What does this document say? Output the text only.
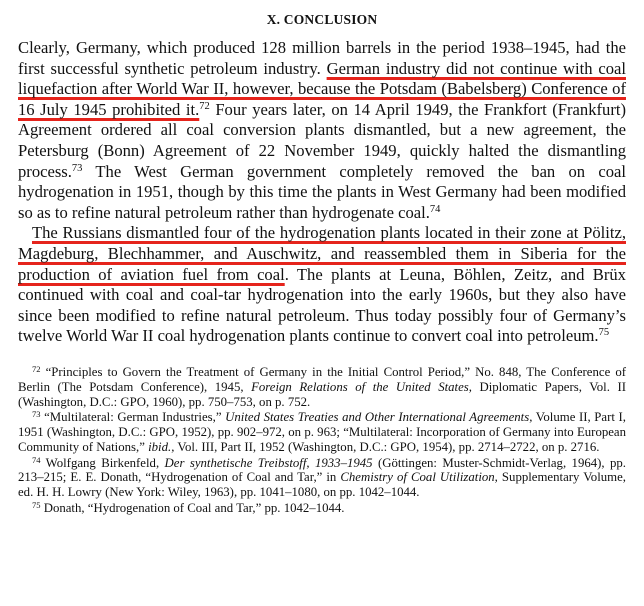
X. CONCLUSION

Clearly, Germany, which produced 128 million barrels in the period 1938–1945, had the first successful synthetic petroleum industry. German industry did not continue with coal liquefaction after World War II, however, because the Potsdam (Babelsberg) Conference of 16 July 1945 prohibited it.$^{72}$ Four years later, on 14 April 1949, the Frankfort (Frankfurt) Agreement ordered all coal conversion plants dismantled, but a new agreement, the Petersburg (Bonn) Agreement of 22 November 1949, quickly halted the dismantling process.$^{73}$ The West German government completely removed the ban on coal hydrogenation in 1951, though by this time the plants in West Germany had been modified so as to refine natural petroleum rather than hydrogenate coal.$^{74}$

The Russians dismantled four of the hydrogenation plants located in their zone at Pölitz, Magdeburg, Blechhammer, and Auschwitz, and reassembled them in Siberia for the production of aviation fuel from coal. The plants at Leuna, Böhlen, Zeitz, and Brüx continued with coal and coal-tar hydrogenation into the early 1960s, but they also have since been modified to refine natural petroleum. Thus today possibly four of Germany’s twelve World War II coal hydrogenation plants continue to convert coal into petroleum.$^{75}$

$^{72}$ “Principles to Govern the Treatment of Germany in the Initial Control Period,” No. 848, The Conference of Berlin (The Potsdam Conference), 1945, Foreign Relations of the United States, Diplomatic Papers, Vol. II (Washington, D.C.: GPO, 1960), pp. 750–753, on p. 752.

$^{73}$ “Multilateral: German Industries,” United States Treaties and Other International Agreements, Volume II, Part I, 1951 (Washington, D.C.: GPO, 1952), pp. 902–972, on p. 963; “Multilateral: Incorporation of Germany into European Community of Nations,” ibid., Vol. III, Part II, 1952 (Washington, D.C.: GPO, 1954), pp. 2714–2722, on p. 2716.

$^{74}$ Wolfgang Birkenfeld, Der synthetische Treibstoff, 1933–1945 (Göttingen: Muster-Schmidt-Verlag, 1964), pp. 213–215; E. E. Donath, “Hydrogenation of Coal and Tar,” in Chemistry of Coal Utilization, Supplementary Volume, ed. H. H. Lowry (New York: Wiley, 1963), pp. 1041–1080, on pp. 1042–1044.

$^{75}$ Donath, “Hydrogenation of Coal and Tar,” pp. 1042–1044.
